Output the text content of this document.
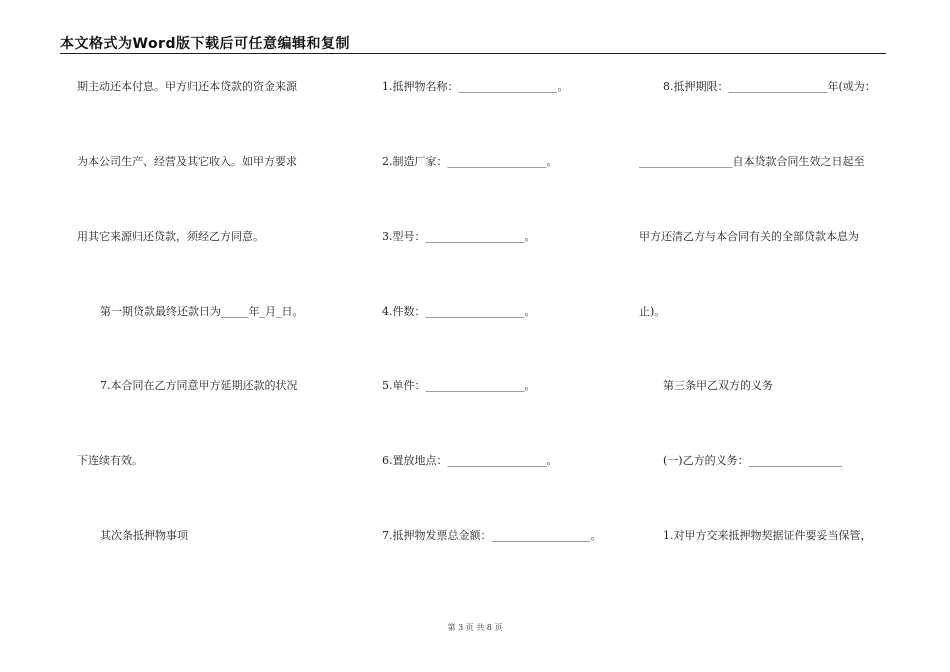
本文格式为Word版下载后可任意编辑和复制
期主动还本付息。甲方归还本贷款的资金来源
为本公司生产、经营及其它收入。如甲方要求
用其它来源归还贷款，须经乙方同意。
第一期贷款最终还款日为_____年_月_日。
7.本合同在乙方同意甲方延期还款的状况
下连续有效。
其次条抵押物事项
1.抵押物名称：__________________。
2.制造厂家：__________________。
3.型号：__________________。
4.件数：__________________。
5.单件：__________________。
6.置放地点：__________________。
7.抵押物发票总金额：__________________。
8.抵押期限：__________________年(或为：
_________________自本贷款合同生效之日起至
甲方还清乙方与本合同有关的全部贷款本息为
止)。
第三条甲乙双方的义务
(一)乙方的义务：_________________
1.对甲方交来抵押物契据证件要妥当保管，
第 3 页 共 8 页
